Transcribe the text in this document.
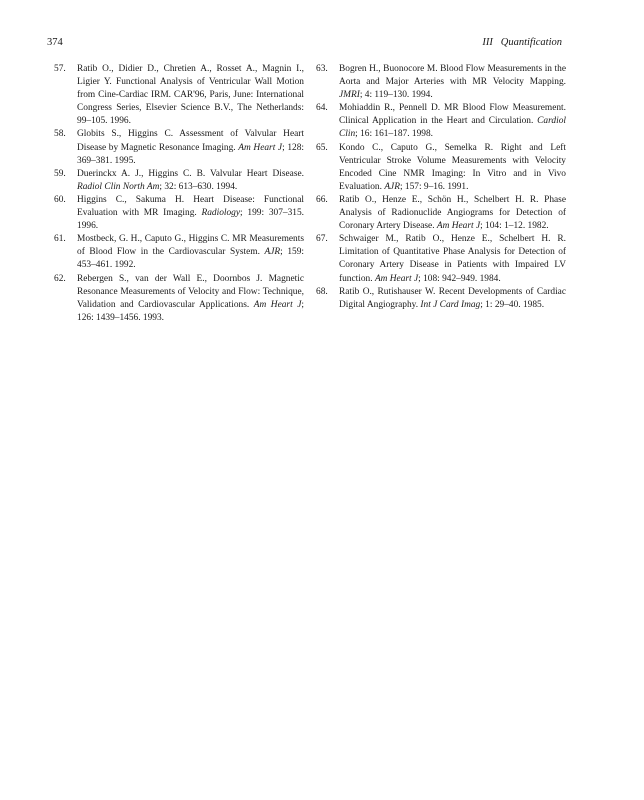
374	III Quantification

57. Ratib O., Didier D., Chretien A., Rosset A., Magnin I., Ligier Y. Functional Analysis of Ventricular Wall Motion from Cine-Cardiac IRM. CAR'96, Paris, June: International Congress Series, Elsevier Science B.V., The Netherlands: 99–105. 1996.

58. Globits S., Higgins C. Assessment of Valvular Heart Disease by Magnetic Resonance Imaging. Am Heart J; 128: 369–381. 1995.

59. Duerinckx A. J., Higgins C. B. Valvular Heart Disease. Radiol Clin North Am; 32: 613–630. 1994.

60. Higgins C., Sakuma H. Heart Disease: Functional Evaluation with MR Imaging. Radiology; 199: 307–315. 1996.

61. Mostbeck, G. H., Caputo G., Higgins C. MR Measurements of Blood Flow in the Cardiovascular System. AJR; 159: 453–461. 1992.

62. Rebergen S., van der Wall E., Doornbos J. Magnetic Resonance Measurements of Velocity and Flow: Technique, Validation and Cardiovascular Applications. Am Heart J; 126: 1439–1456. 1993.

63. Bogren H., Buonocore M. Blood Flow Measurements in the Aorta and Major Arteries with MR Velocity Mapping. JMRI; 4: 119–130. 1994.

64. Mohiaddin R., Pennell D. MR Blood Flow Measurement. Clinical Application in the Heart and Circulation. Cardiol Clin; 16: 161–187. 1998.

65. Kondo C., Caputo G., Semelka R. Right and Left Ventricular Stroke Volume Measurements with Velocity Encoded Cine NMR Imaging: In Vitro and in Vivo Evaluation. AJR; 157: 9–16. 1991.

66. Ratib O., Henze E., Schön H., Schelbert H. R. Phase Analysis of Radionuclide Angiograms for Detection of Coronary Artery Disease. Am Heart J; 104: 1–12. 1982.

67. Schwaiger M., Ratib O., Henze E., Schelbert H. R. Limitation of Quantitative Phase Analysis for Detection of Coronary Artery Disease in Patients with Impaired LV function. Am Heart J; 108: 942–949. 1984.

68. Ratib O., Rutishauser W. Recent Developments of Cardiac Digital Angiography. Int J Card Imag; 1: 29–40. 1985.
